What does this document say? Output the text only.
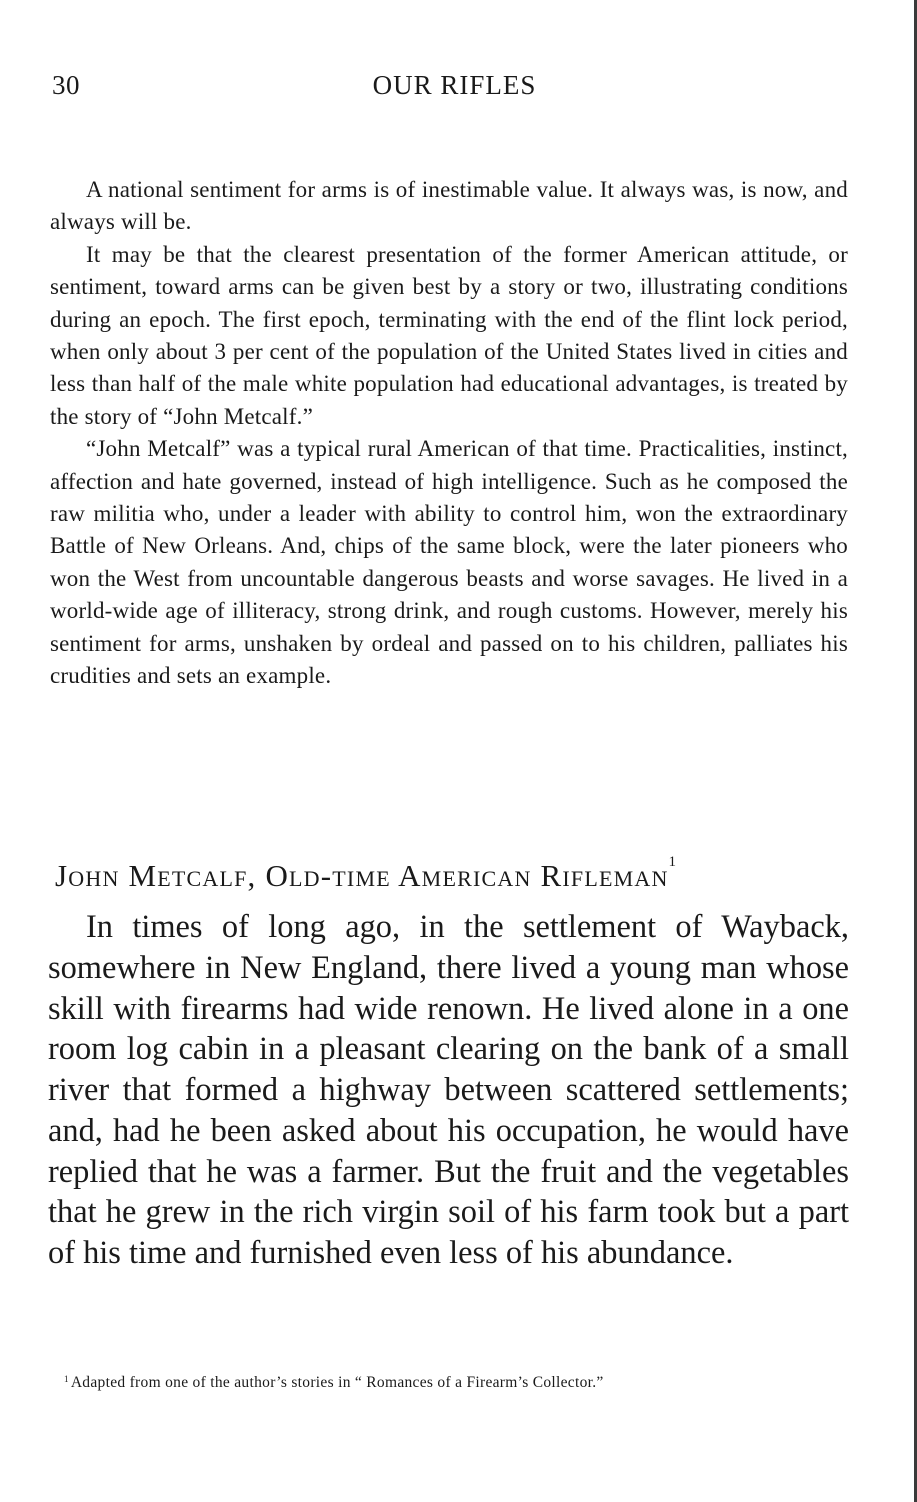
30	OUR RIFLES

A national sentiment for arms is of inestimable value. It always was, is now, and always will be.

It may be that the clearest presentation of the former American attitude, or sentiment, toward arms can be given best by a story or two, illustrating conditions during an epoch. The first epoch, terminating with the end of the flint lock period, when only about 3 per cent of the population of the United States lived in cities and less than half of the male white population had educational advantages, is treated by the story of “John Metcalf.”

“John Metcalf” was a typical rural American of that time. Practicalities, instinct, affection and hate governed, instead of high intelligence. Such as he composed the raw militia who, under a leader with ability to control him, won the extraordinary Battle of New Orleans. And, chips of the same block, were the later pioneers who won the West from uncountable dangerous beasts and worse savages. He lived in a world-wide age of illiteracy, strong drink, and rough customs. However, merely his sentiment for arms, unshaken by ordeal and passed on to his children, palliates his crudities and sets an example.

John Metcalf, Old-time American Rifleman$^1$

In times of long ago, in the settlement of Wayback, somewhere in New England, there lived a young man whose skill with firearms had wide renown. He lived alone in a one room log cabin in a pleasant clearing on the bank of a small river that formed a highway between scattered settlements; and, had he been asked about his occupation, he would have replied that he was a farmer. But the fruit and the vegetables that he grew in the rich virgin soil of his farm took but a part of his time and furnished even less of his abundance.

$^1$ Adapted from one of the author’s stories in “ Romances of a Firearm’s Collector.”
